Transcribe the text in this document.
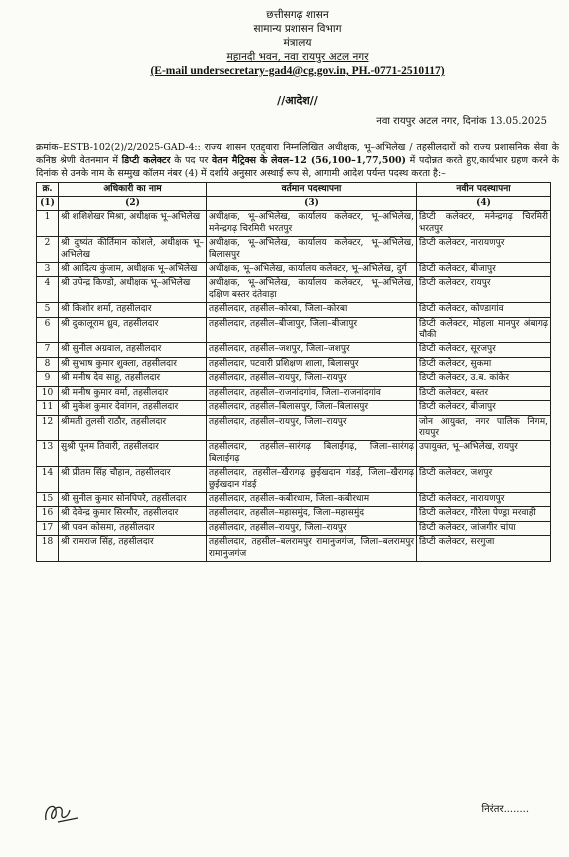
छत्तीसगढ़ शासन
सामान्य प्रशासन विभाग
मंत्रालय
महानदी भवन, नवा रायपुर अटल नगर
(E-mail undersecretary-gad4@cg.gov.in, PH.-0771-2510117)
//आदेश//
नवा रायपुर अटल नगर, दिनांक 13.05.2025
क्रमांक–ESTB-102(2)/2/2025-GAD-4:: राज्य शासन एतद्द्वारा निम्नलिखित अधीक्षक, भू–अभिलेख / तहसीलदारों को राज्य प्रशासनिक सेवा के कनिष्ठ श्रेणी वेतनमान में डिप्टी कलेक्टर के पद पर वेतन मैट्रिक्स के लेवल–12 (56,100–1,77,500) में पदोन्नत करते हुए,कार्यभार ग्रहण करने के दिनांक से उनके नाम के सम्मुख कॉलम नंबर (4) में दर्शाये अनुसार अस्थाई रूप से, आगामी आदेश पर्यन्त पदस्थ करता है:–
क्र.	अधिकारी का नाम	वर्तमान पदस्थापना	नवीन पदस्थापना
(1)	(2)	(3)	(4)
1	श्री शशिशेखर मिश्रा, अधीक्षक भू–अभिलेख	अधीक्षक, भू–अभिलेख, कार्यालय कलेक्टर, भू–अभिलेख, मनेन्द्रगढ़ चिरमिरी भरतपुर	डिप्टी कलेक्टर, मनेन्द्रगढ़ चिरमिरी भरतपुर
2	श्री दुष्यंत कीर्तिमान कोशले, अधीक्षक भू–अभिलेख	अधीक्षक, भू–अभिलेख, कार्यालय कलेक्टर, भू–अभिलेख, बिलासपुर	डिप्टी कलेक्टर, नारायणपुर
3	श्री आदित्य कुंजाम, अधीक्षक भू–अभिलेख	अधीक्षक, भू–अभिलेख, कार्यालय कलेक्टर, भू–अभिलेख, दुर्ग	डिप्टी कलेक्टर, बीजापुर
4	श्री उपेन्द्र किण्डो, अधीक्षक भू–अभिलेख	अधीक्षक, भू–अभिलेख, कार्यालय कलेक्टर, भू–अभिलेख, दक्षिण बस्तर दंतेवाड़ा	डिप्टी कलेक्टर, रायपुर
5	श्री किशोर शर्मा, तहसीलदार	तहसीलदार, तहसील–कोरबा, जिला–कोरबा	डिप्टी कलेक्टर, कोण्डागांव
6	श्री दुकालूराम ध्रुव, तहसीलदार	तहसीलदार, तहसील–बीजापुर, जिला–बीजापुर	डिप्टी कलेक्टर, मोहला मानपुर अंबागढ़ चौकी
7	श्री सुनील अग्रवाल, तहसीलदार	तहसीलदार, तहसील–जशपुर, जिला–जशपुर	डिप्टी कलेक्टर, सूरजपुर
8	श्री सुभाष कुमार शुक्ला, तहसीलदार	तहसीलदार, पटवारी प्रशिक्षण शाला, बिलासपुर	डिप्टी कलेक्टर, सुकमा
9	श्री मनीष देव साहू, तहसीलदार	तहसीलदार, तहसील–रायपुर, जिला–रायपुर	डिप्टी कलेक्टर, उ.ब. कांकेर
10	श्री मनीष कुमार वर्मा, तहसीलदार	तहसीलदार, तहसील–राजनांदगांव, जिला–राजनांदगांव	डिप्टी कलेक्टर, बस्तर
11	श्री मुकेश कुमार देवांगन, तहसीलदार	तहसीलदार, तहसील–बिलासपुर, जिला–बिलासपुर	डिप्टी कलेक्टर, बीजापुर
12	श्रीमती तुलसी राठौर, तहसीलदार	तहसीलदार, तहसील–रायपुर, जिला–रायपुर	जोन आयुक्त, नगर पालिक निगम, रायपुर
13	सुश्री पूनम तिवारी, तहसीलदार	तहसीलदार, तहसील–सारंगढ़ बिलाईगढ़, जिला–सारंगढ़ बिलाईगढ़	उपायुक्त, भू–अभिलेख, रायपुर
14	श्री प्रीतम सिंह चौहान, तहसीलदार	तहसीलदार, तहसील–खैरागढ़ छुईखदान गंडई, जिला–खैरागढ़ छुईखदान गंडई	डिप्टी कलेक्टर, जशपुर
15	श्री सुनील कुमार सोनपिपरे, तहसीलदार	तहसीलदार, तहसील–कबीरधाम, जिला–कबीरधाम	डिप्टी कलेक्टर, नारायणपुर
16	श्री देवेन्द्र कुमार सिरमौर, तहसीलदार	तहसीलदार, तहसील–महासमुंद, जिला–महासमुंद	डिप्टी कलेक्टर, गौरेला पेण्ड्रा मरवाही
17	श्री पवन कोसमा, तहसीलदार	तहसीलदार, तहसील–रायपुर, जिला–रायपुर	डिप्टी कलेक्टर, जांजगीर चांपा
18	श्री रामराज सिंह, तहसीलदार	तहसीलदार, तहसील–बलरामपुर रामानुजगंज, जिला–बलरामपुर रामानुजगंज	डिप्टी कलेक्टर, सरगुजा
निरंतर........
